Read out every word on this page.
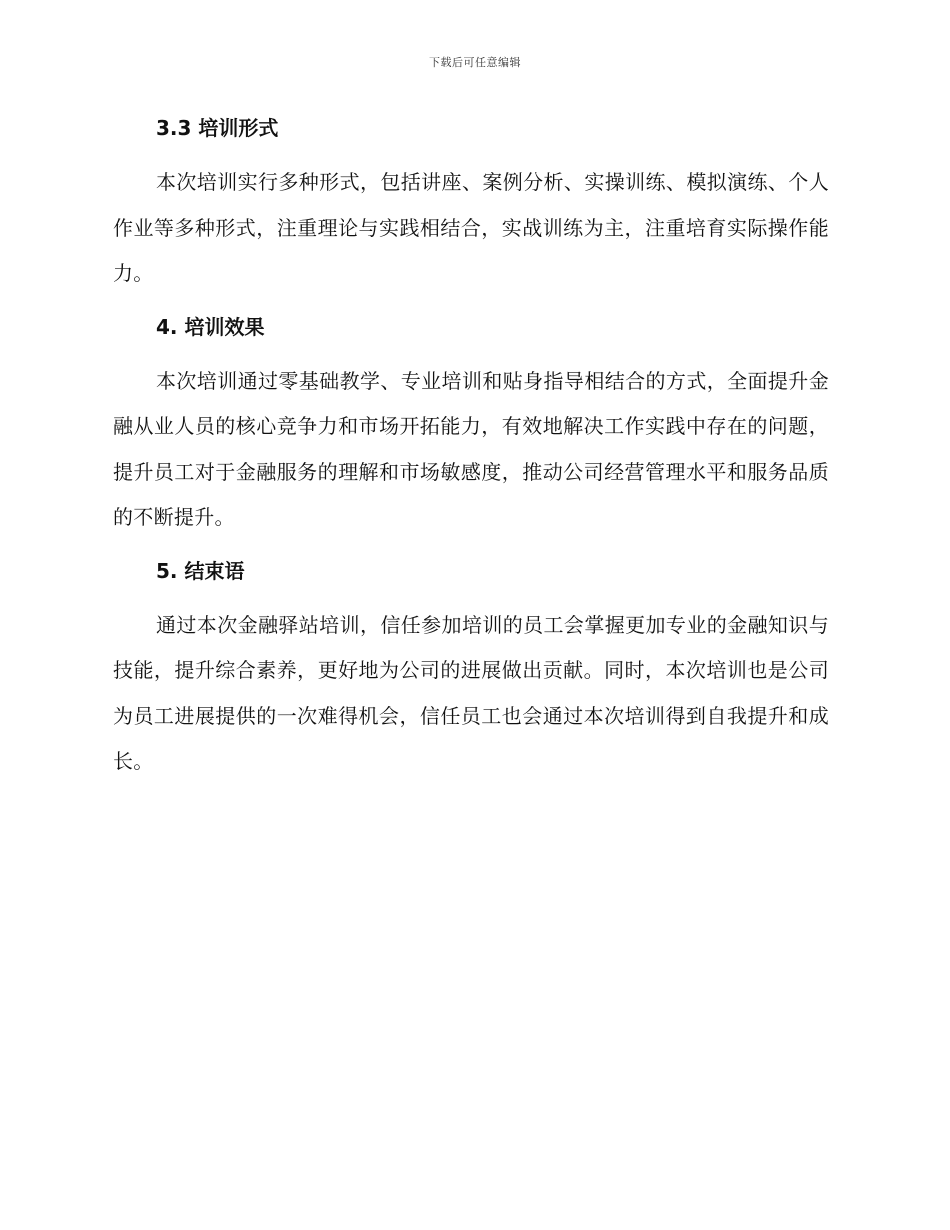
下载后可任意编辑
3.3 培训形式

本次培训实行多种形式，包括讲座、案例分析、实操训练、模拟演练、个人作业等多种形式，注重理论与实践相结合，实战训练为主，注重培育实际操作能力。

4. 培训效果

本次培训通过零基础教学、专业培训和贴身指导相结合的方式，全面提升金融从业人员的核心竞争力和市场开拓能力，有效地解决工作实践中存在的问题，提升员工对于金融服务的理解和市场敏感度，推动公司经营管理水平和服务品质的不断提升。

5. 结束语

通过本次金融驿站培训，信任参加培训的员工会掌握更加专业的金融知识与技能，提升综合素养，更好地为公司的进展做出贡献。同时，本次培训也是公司为员工进展提供的一次难得机会，信任员工也会通过本次培训得到自我提升和成长。
